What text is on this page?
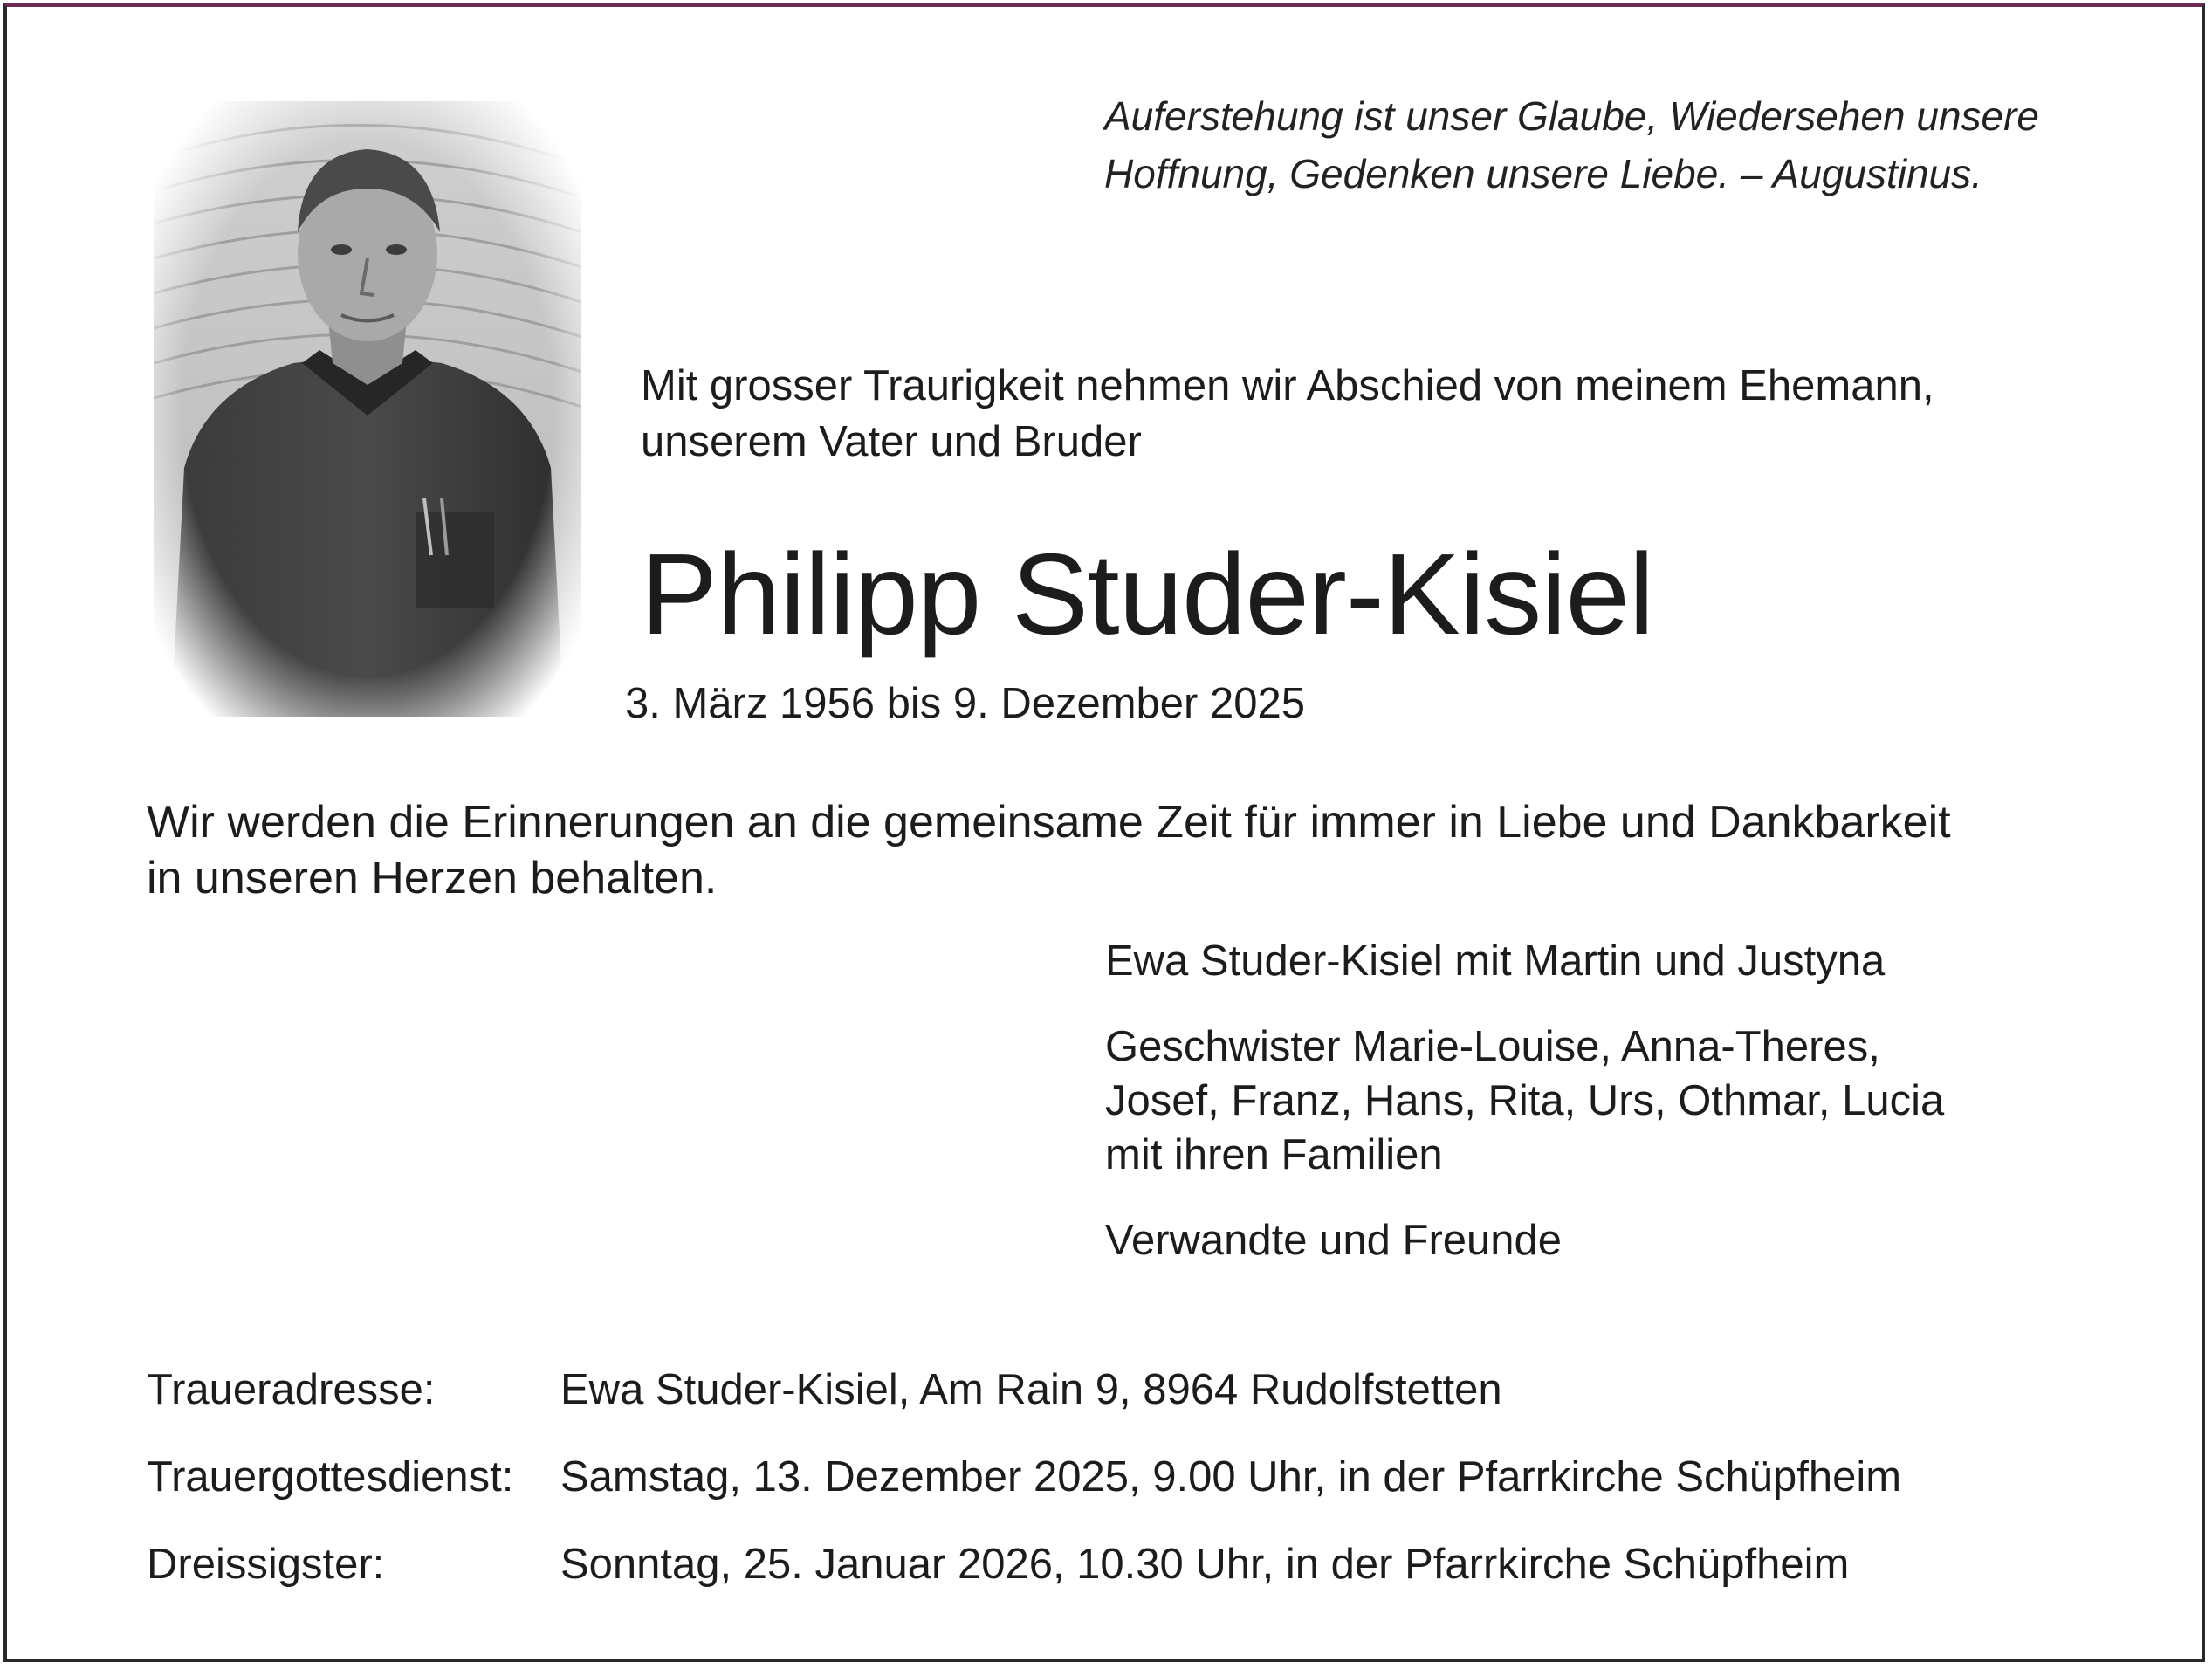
Auferstehung ist unser Glaube, Wiedersehen unsere
Hoffnung, Gedenken unsere Liebe. – Augustinus.
Mit grosser Traurigkeit nehmen wir Abschied von meinem Ehemann,
unserem Vater und Bruder
Philipp Studer-Kisiel
3. März 1956 bis 9. Dezember 2025
Wir werden die Erinnerungen an die gemeinsame Zeit für immer in Liebe und Dankbarkeit
in unseren Herzen behalten.
Ewa Studer-Kisiel mit Martin und Justyna
Geschwister Marie-Louise, Anna-Theres,
Josef, Franz, Hans, Rita, Urs, Othmar, Lucia
mit ihren Familien
Verwandte und Freunde
Traueradresse:	Ewa Studer-Kisiel, Am Rain 9, 8964 Rudolfstetten
Trauergottesdienst:	Samstag, 13. Dezember 2025, 9.00 Uhr, in der Pfarrkirche Schüpfheim
Dreissigster:	Sonntag, 25. Januar 2026, 10.30 Uhr, in der Pfarrkirche Schüpfheim
